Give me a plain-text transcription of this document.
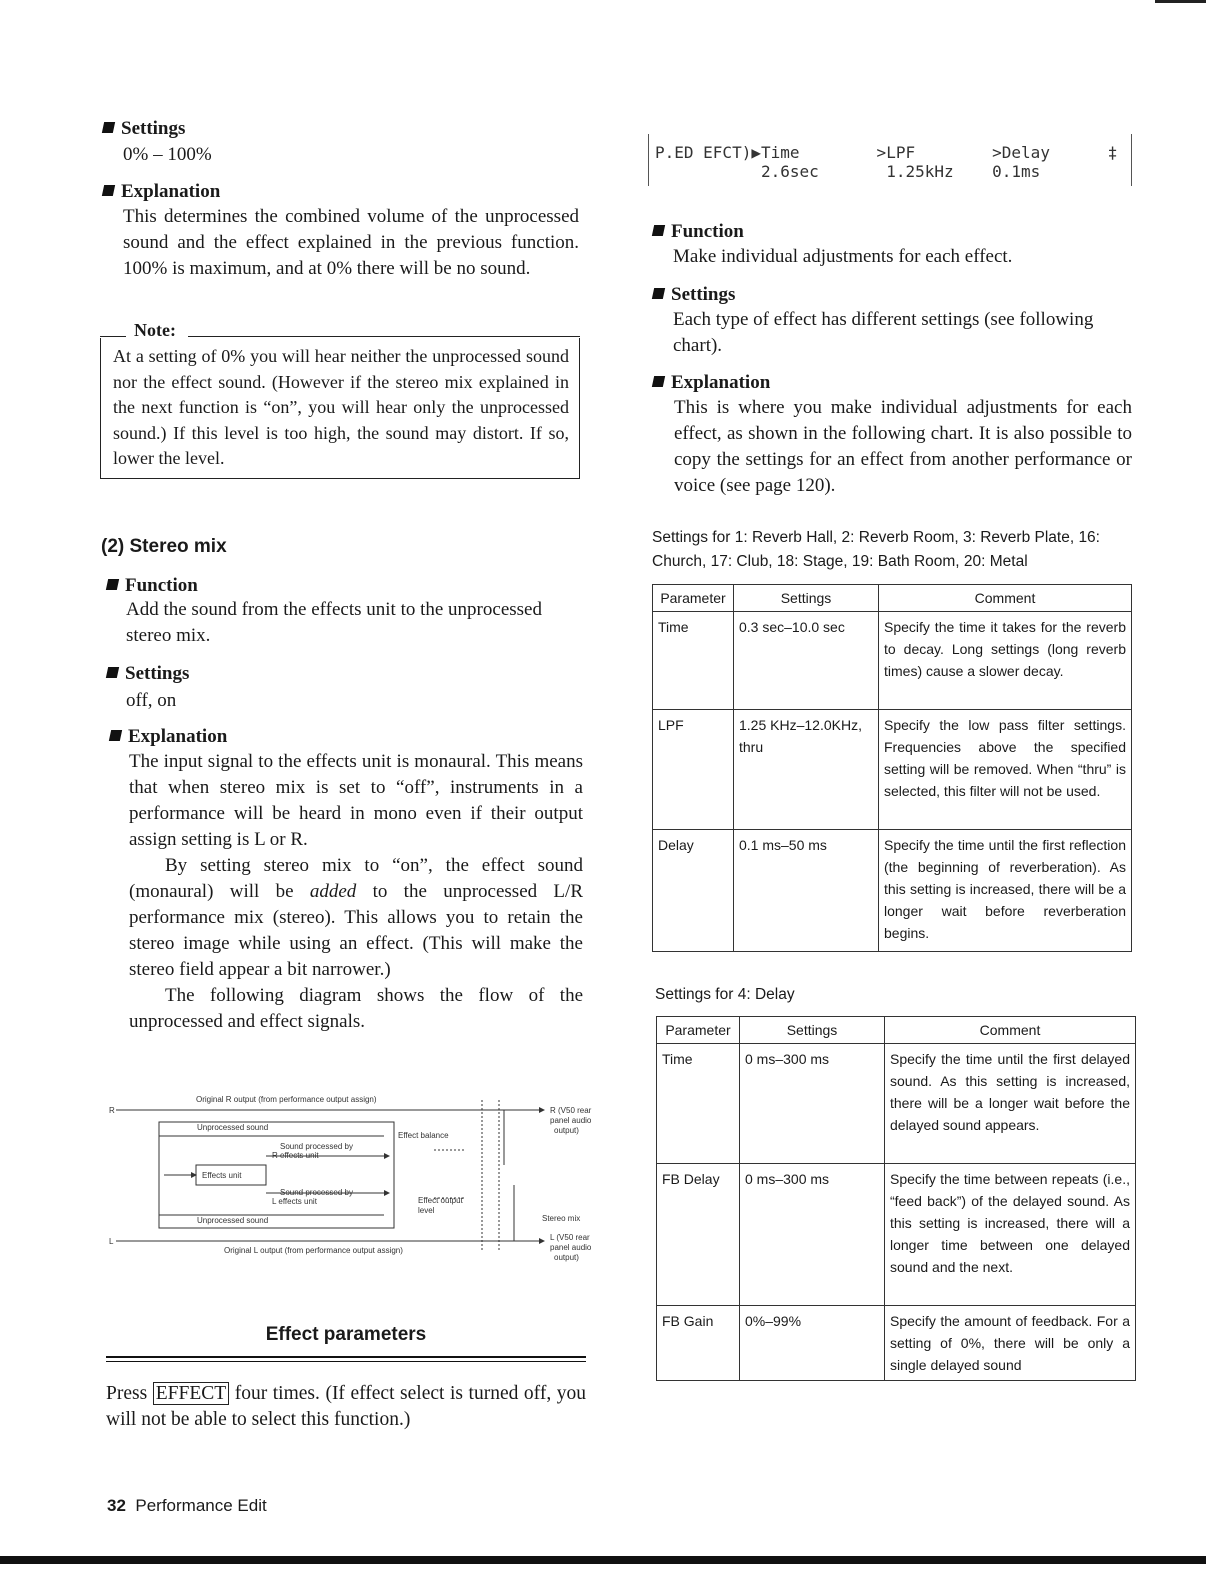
Settings
0% – 100%
Explanation
This determines the combined volume of the unprocessed sound and the effect explained in the previous function. 100% is maximum, and at 0% there will be no sound.
Note:
At a setting of 0% you will hear neither the unprocessed sound nor the effect sound. (However if the stereo mix explained in the next function is “on”, you will hear only the unprocessed sound.) If this level is too high, the sound may distort. If so, lower the level.
(2) Stereo mix
Function
Add the sound from the effects unit to the unprocessed stereo mix.
Settings
off, on
Explanation
The input signal to the effects unit is monaural. This means that when stereo mix is set to “off”, instruments in a performance will be heard in mono even if their output assign setting is L or R.
By setting stereo mix to “on”, the effect sound (monaural) will be added to the unprocessed L/R performance mix (stereo). This allows you to retain the stereo image while using an effect. (This will make the stereo field appear a bit narrower.)
The following diagram shows the flow of the unprocessed and effect signals.
R
L
Original R output (from performance output assign)
Original L output (from performance output assign)
Unprocessed sound
Unprocessed sound
Sound processed by
R effects unit
Sound processed by
L effects unit
Effects unit
Effect balance
Effect output
level
Stereo mix
R (V50 rear
panel audio
output)
L (V50 rear
panel audio
output)
Effect parameters
Press EFFECT four times. (If effect select is turned off, you will not be able to select this function.)
32 Performance Edit
P.ED EFCT)▶Time        >LPF        >Delay      ‡
2.6sec       1.25kHz    0.1ms
Function
Make individual adjustments for each effect.
Settings
Each type of effect has different settings (see following chart).
Explanation
This is where you make individual adjustments for each effect, as shown in the following chart. It is also possible to copy the settings for an effect from another performance or voice (see page 120).
Settings for 1: Reverb Hall, 2: Reverb Room, 3: Reverb Plate, 16: Church, 17: Club, 18: Stage, 19: Bath Room, 20: Metal
Parameter	Settings	Comment
Time	0.3 sec–10.0 sec	Specify the time it takes for the reverb to decay. Long settings (long reverb times) cause a slower decay.
LPF	1.25 KHz–12.0KHz, thru	Specify the low pass filter settings. Frequencies above the specified setting will be removed. When “thru” is selected, this filter will not be used.
Delay	0.1 ms–50 ms	Specify the time until the first reflection (the beginning of reverberation). As this setting is increased, there will be a longer wait before reverberation begins.
Settings for 4: Delay
Parameter	Settings	Comment
Time	0 ms–300 ms	Specify the time until the first delayed sound. As this setting is increased, there will be a longer wait before the delayed sound appears.
FB Delay	0 ms–300 ms	Specify the time between repeats (i.e., “feed back”) of the delayed sound. As this setting is increased, there will a longer time between one delayed sound and the next.
FB Gain	0%–99%	Specify the amount of feedback. For a setting of 0%, there will be only a single delayed sound
